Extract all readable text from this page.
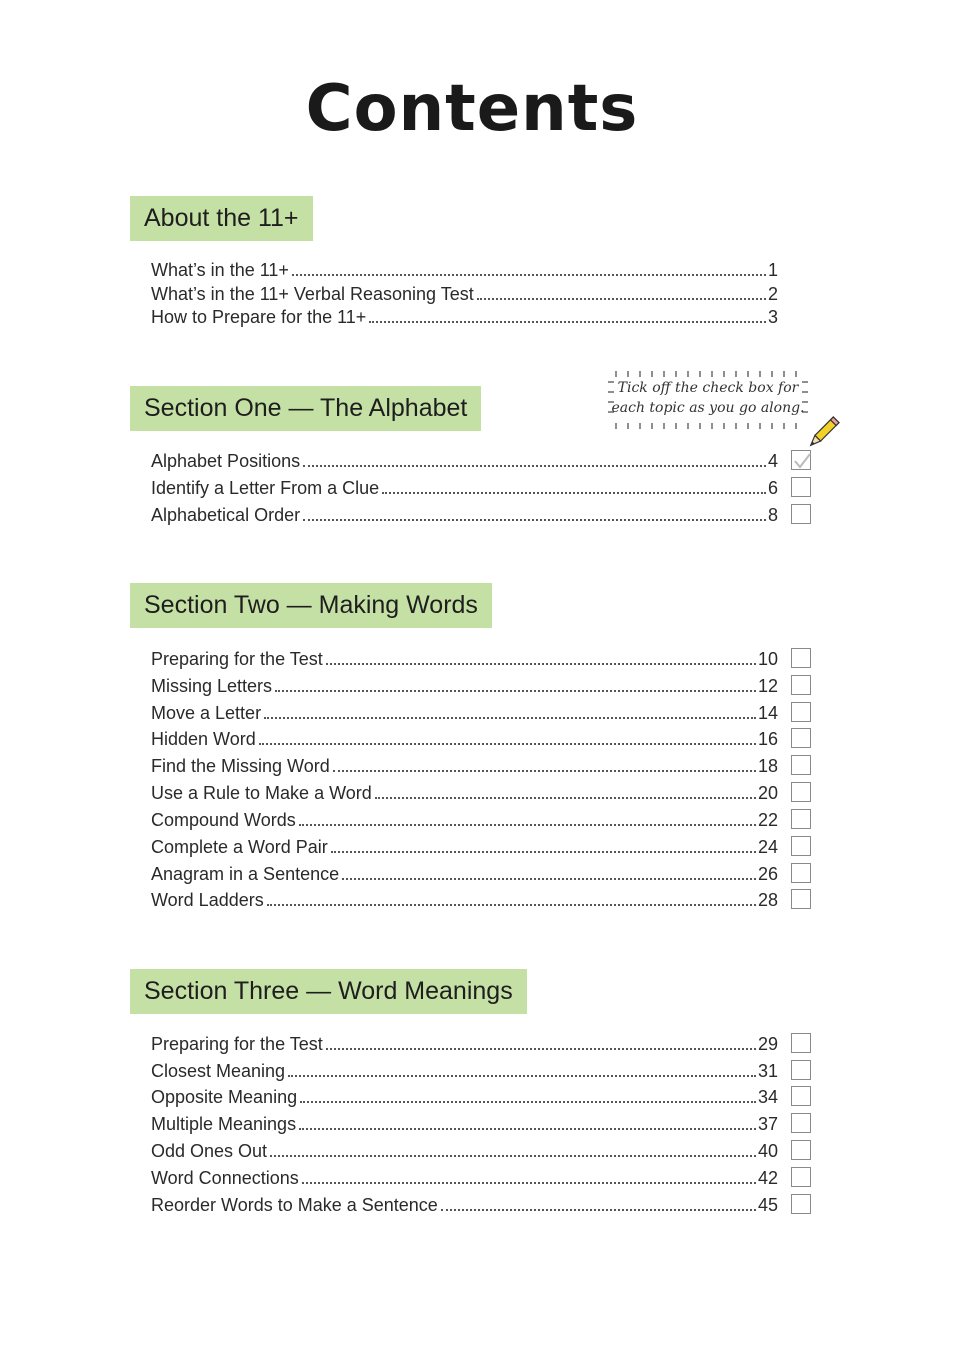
Contents
About the 11+
What’s in the 11+	1
What’s in the 11+ Verbal Reasoning Test	2
How to Prepare for the 11+	3
Tick off the check box for
each topic as you go along.
Section One — The Alphabet
Alphabet Positions	4
Identify a Letter From a Clue	6
Alphabetical Order	8
Section Two — Making Words
Preparing for the Test	10
Missing Letters	12
Move a Letter	14
Hidden Word	16
Find the Missing Word	18
Use a Rule to Make a Word	20
Compound Words	22
Complete a Word Pair	24
Anagram in a Sentence	26
Word Ladders	28
Section Three — Word Meanings
Preparing for the Test	29
Closest Meaning	31
Opposite Meaning	34
Multiple Meanings	37
Odd Ones Out	40
Word Connections	42
Reorder Words to Make a Sentence	45
